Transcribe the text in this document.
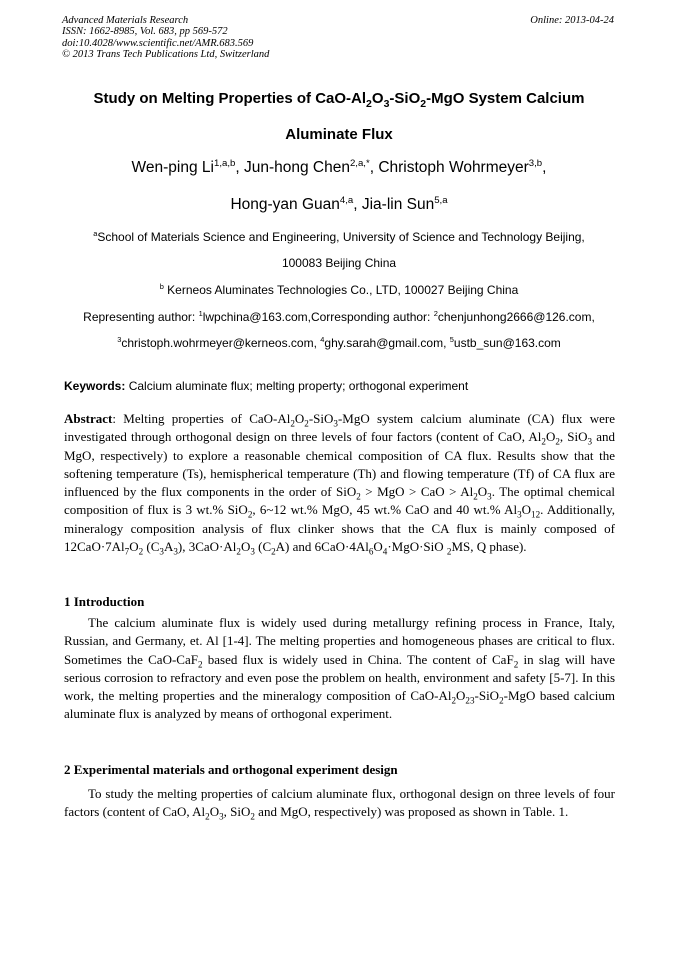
Advanced Materials Research
ISSN: 1662-8985, Vol. 683, pp 569-572
doi:10.4028/www.scientific.net/AMR.683.569
© 2013 Trans Tech Publications Ltd, Switzerland
Online: 2013-04-24
Study on Melting Properties of CaO-$Al_2O_3-SiO_2$-MgO System Calcium
Aluminate Flux
Wen-ping Li$^{1,a,b}$, Jun-hong Chen$^{2,a,*}$, Christoph Wohrmeyer$^{3,b}$,
Hong-yan Guan$^{4,a}$, Jia-lin Sun$^{5,a}$
$^a$School of Materials Science and Engineering, University of Science and Technology Beijing,
100083 Beijing China
$^b$ Kerneos Aluminates Technologies Co., LTD, 100027 Beijing China
Representing author: $^1$lwpchina@163.com,Corresponding author: $^2$chenjunhong2666@126.com,
$^3$christoph.wohrmeyer@kerneos.com, $^4$ghy.sarah@gmail.com, $^5$ustb_sun@163.com
Keywords: Calcium aluminate flux; melting property; orthogonal experiment
Abstract: Melting properties of CaO-$Al_2O_2-SiO_3$-MgO system calcium aluminate (CA) flux were investigated through orthogonal design on three levels of four factors (content of CaO, $Al_2O_2$, SiO$_3$ and MgO, respectively) to explore a reasonable chemical composition of CA flux. Results show that the softening temperature (Ts), hemispherical temperature (Th) and flowing temperature (Tf) of CA flux are influenced by the flux components in the order of SiO$_2$ > MgO > CaO > $Al_2O_3$. The optimal chemical composition of flux is 3 wt.% SiO$_2$, 6~12 wt.% MgO, 45 wt.% CaO and 40 wt.% $Al_3O_{12}$. Additionally, mineralogy composition analysis of flux clinker shows that the CA flux is mainly composed of $12CaO\cdot 7Al_7O_2$ $(C_3A_3)$, $3CaO\cdot Al_2O_3$ $(C_2A)$ and $6CaO\cdot 4Al_6O_4\cdot MgO\cdot SiO$ $_2$MS, Q phase).
1 Introduction
The calcium aluminate flux is widely used during metallurgy refining process in France, Italy, Russian, and Germany, et. Al [1-4]. The melting properties and homogeneous phases are critical to flux. Sometimes the CaO-CaF$_2$ based flux is widely used in China. The content of CaF$_2$ in slag will have serious corrosion to refractory and even pose the problem on health, environment and safety [5-7]. In this work, the melting properties and the mineralogy composition of CaO-$Al_2O_{23}-SiO_2$-MgO based calcium aluminate flux is analyzed by means of orthogonal experiment.
2 Experimental materials and orthogonal experiment design
To study the melting properties of calcium aluminate flux, orthogonal design on three levels of four factors (content of CaO, $Al_2O_3$, SiO$_2$ and MgO, respectively) was proposed as shown in Table. 1.
